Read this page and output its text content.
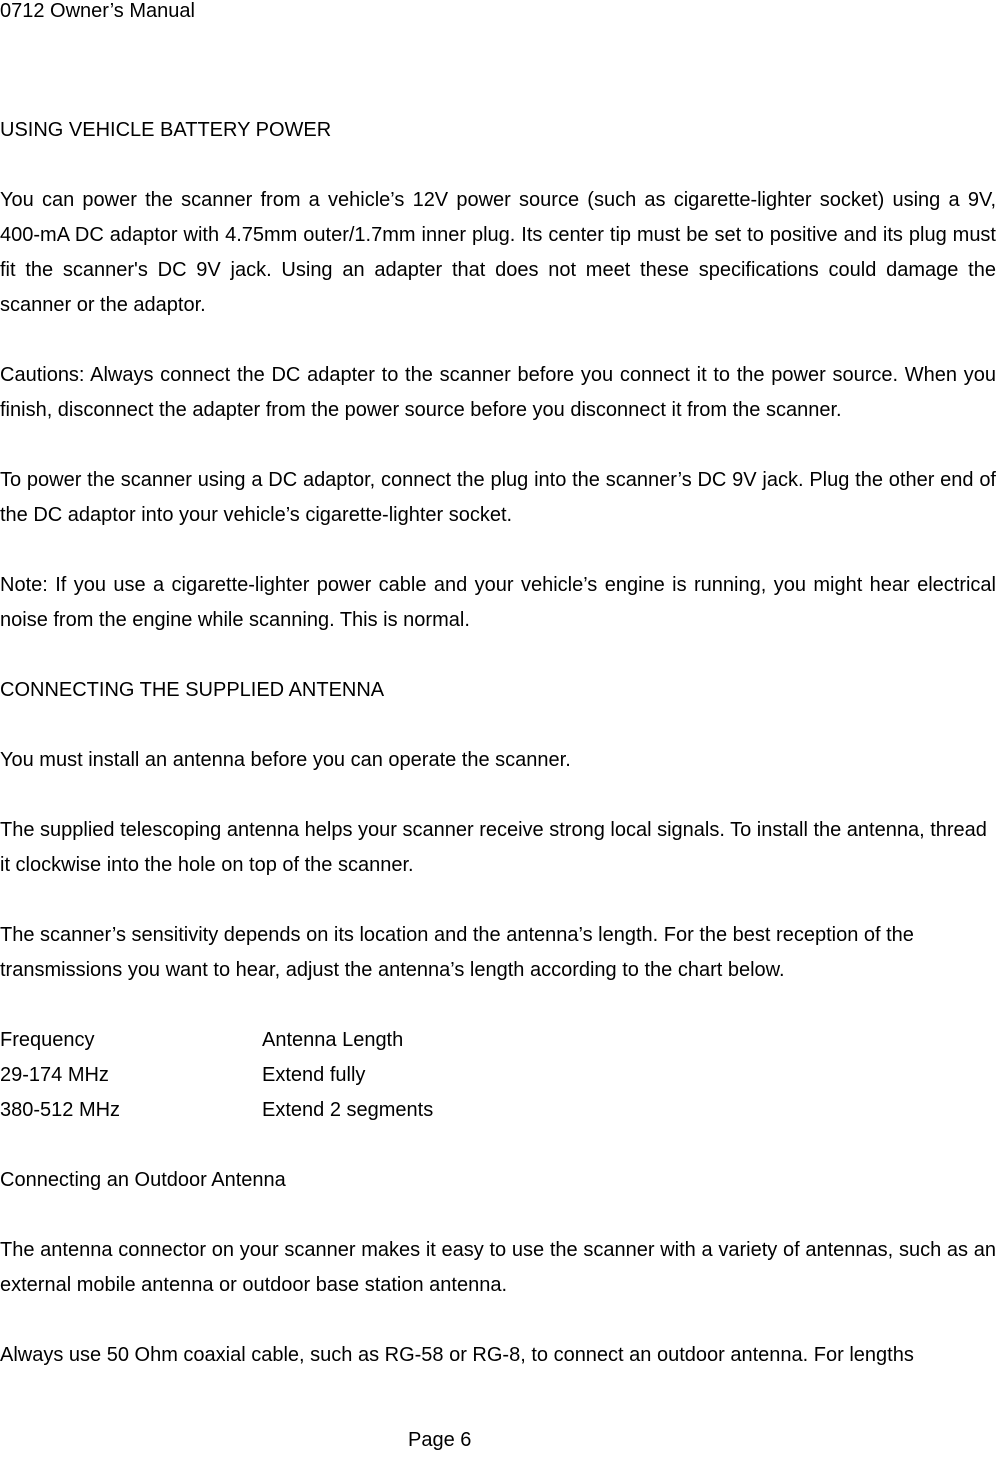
0712 Owner’s Manual

USING VEHICLE BATTERY POWER

You can power the scanner from a vehicle’s 12V power source (such as cigarette-lighter socket) using a 9V, 400-mA DC adaptor with 4.75mm outer/1.7mm inner plug. Its center tip must be set to positive and its plug must fit the scanner's DC 9V jack. Using an adapter that does not meet these specifications could damage the scanner or the adaptor.

Cautions: Always connect the DC adapter to the scanner before you connect it to the power source. When you finish, disconnect the adapter from the power source before you disconnect it from the scanner.

To power the scanner using a DC adaptor, connect the plug into the scanner’s DC 9V jack. Plug the other end of the DC adaptor into your vehicle’s cigarette-lighter socket.

Note: If you use a cigarette-lighter power cable and your vehicle’s engine is running, you might hear electrical noise from the engine while scanning. This is normal.

CONNECTING THE SUPPLIED ANTENNA

You must install an antenna before you can operate the scanner.

The supplied telescoping antenna helps your scanner receive strong local signals. To install the antenna, thread it clockwise into the hole on top of the scanner.

The scanner’s sensitivity depends on its location and the antenna’s length. For the best reception of the transmissions you want to hear, adjust the antenna’s length according to the chart below.

Frequency	Antenna Length
29-174 MHz	Extend fully
380-512 MHz	Extend 2 segments

Connecting an Outdoor Antenna

The antenna connector on your scanner makes it easy to use the scanner with a variety of antennas, such as an external mobile antenna or outdoor base station antenna.

Always use 50 Ohm coaxial cable, such as RG-58 or RG-8, to connect an outdoor antenna. For lengths

Page 6
